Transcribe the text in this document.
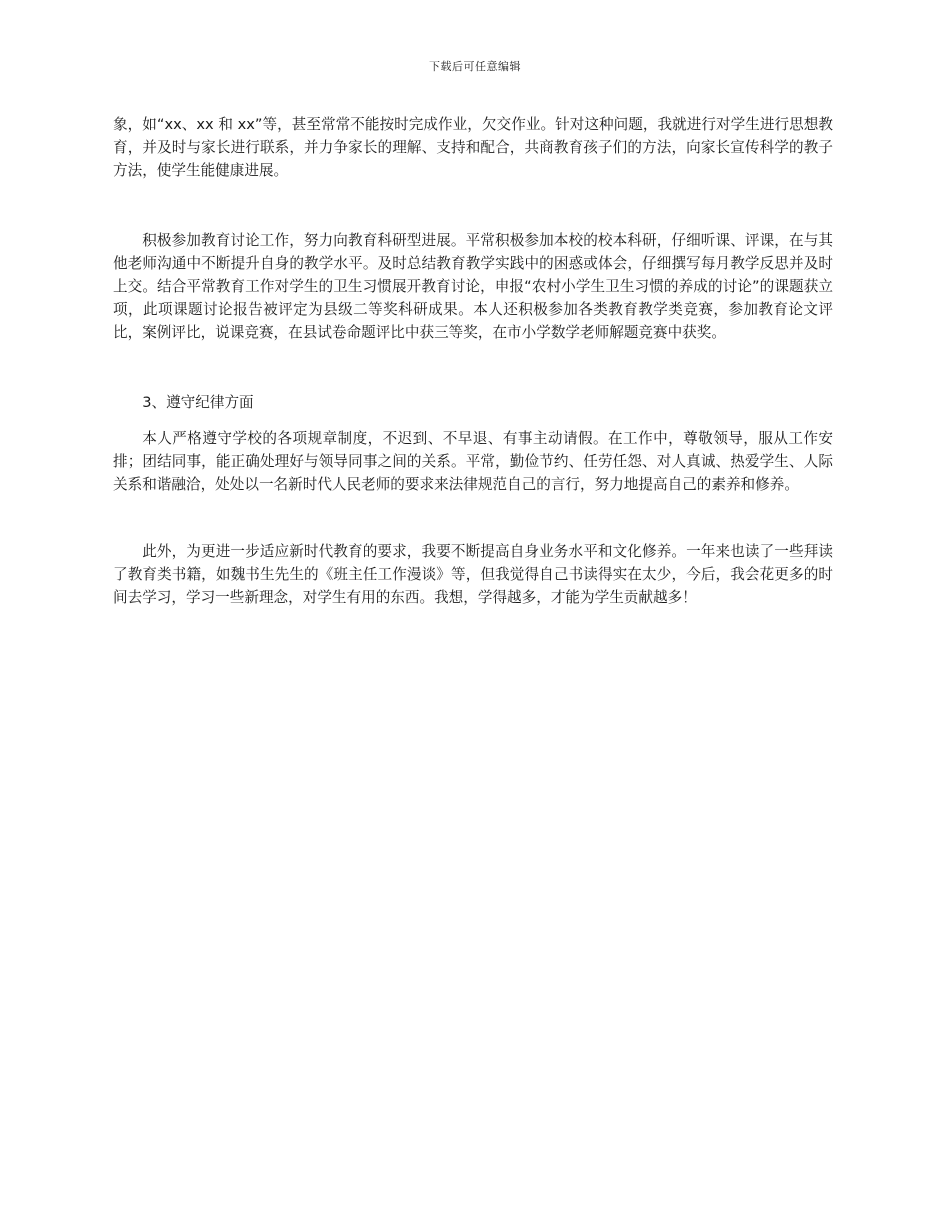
下载后可任意编辑

象，如“xx、xx 和 xx”等，甚至常常不能按时完成作业，欠交作业。针对这种问题，我就进行对学生进行思想教育，并及时与家长进行联系，并力争家长的理解、支持和配合，共商教育孩子们的方法，向家长宣传科学的教子方法，使学生能健康进展。

积极参加教育讨论工作，努力向教育科研型进展。平常积极参加本校的校本科研，仔细听课、评课，在与其他老师沟通中不断提升自身的教学水平。及时总结教育教学实践中的困惑或体会，仔细撰写每月教学反思并及时上交。结合平常教育工作对学生的卫生习惯展开教育讨论，申报“农村小学生卫生习惯的养成的讨论”的课题获立项，此项课题讨论报告被评定为县级二等奖科研成果。本人还积极参加各类教育教学类竞赛，参加教育论文评比，案例评比，说课竞赛，在县试卷命题评比中获三等奖，在市小学数学老师解题竞赛中获奖。

3、遵守纪律方面

本人严格遵守学校的各项规章制度，不迟到、不早退、有事主动请假。在工作中，尊敬领导，服从工作安排；团结同事，能正确处理好与领导同事之间的关系。平常，勤俭节约、任劳任怨、对人真诚、热爱学生、人际关系和谐融洽，处处以一名新时代人民老师的要求来法律规范自己的言行，努力地提高自己的素养和修养。

此外，为更进一步适应新时代教育的要求，我要不断提高自身业务水平和文化修养。一年来也读了一些拜读了教育类书籍，如魏书生先生的《班主任工作漫谈》等，但我觉得自己书读得实在太少，今后，我会花更多的时间去学习，学习一些新理念，对学生有用的东西。我想，学得越多，才能为学生贡献越多！
